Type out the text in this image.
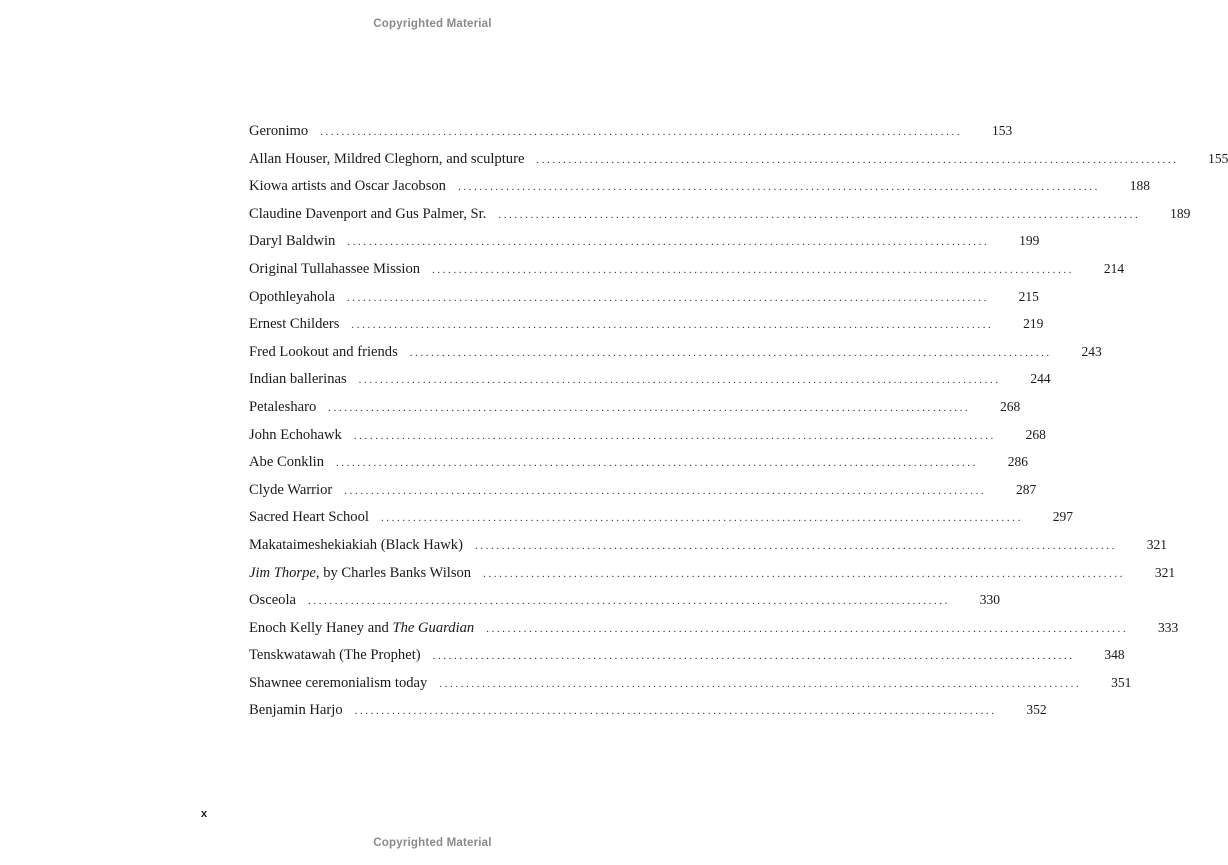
Copyrighted Material
Geronimo ........................................................................................................................ 153
Allan Houser, Mildred Cleghorn, and sculpture ........................................................................................................................ 155
Kiowa artists and Oscar Jacobson ........................................................................................................................ 188
Claudine Davenport and Gus Palmer, Sr. ........................................................................................................................ 189
Daryl Baldwin ........................................................................................................................ 199
Original Tullahassee Mission ........................................................................................................................ 214
Opothleyahola ........................................................................................................................ 215
Ernest Childers ........................................................................................................................ 219
Fred Lookout and friends ........................................................................................................................ 243
Indian ballerinas ........................................................................................................................ 244
Petalesharo ........................................................................................................................ 268
John Echohawk ........................................................................................................................ 268
Abe Conklin ........................................................................................................................ 286
Clyde Warrior ........................................................................................................................ 287
Sacred Heart School ........................................................................................................................ 297
Makataimeshekiakiah (Black Hawk) ........................................................................................................................ 321
Jim Thorpe, by Charles Banks Wilson ........................................................................................................................ 321
Osceola ........................................................................................................................ 330
Enoch Kelly Haney and The Guardian ........................................................................................................................ 333
Tenskwatawah (The Prophet) ........................................................................................................................ 348
Shawnee ceremonialism today ........................................................................................................................ 351
Benjamin Harjo ........................................................................................................................ 352
x
Copyrighted Material
